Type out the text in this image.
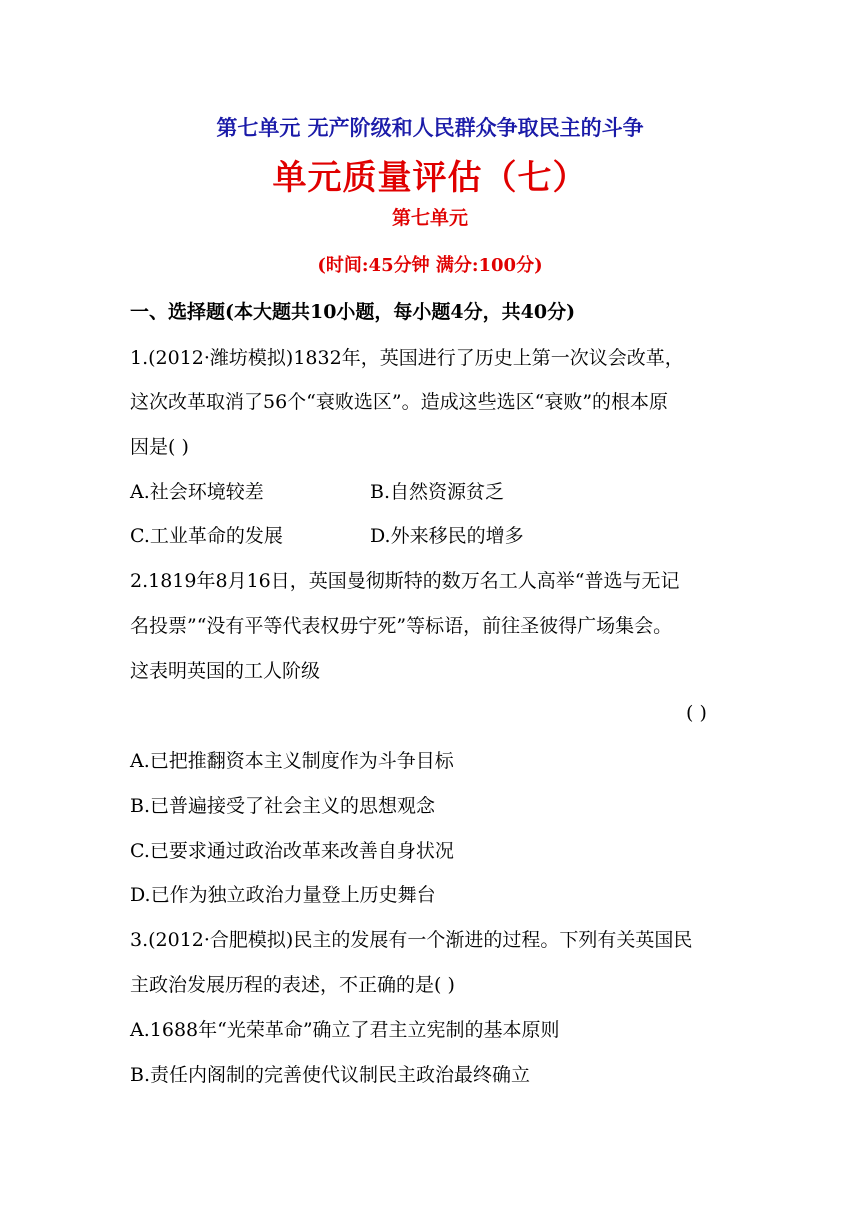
第七单元 无产阶级和人民群众争取民主的斗争
单元质量评估（七）
第七单元
(时间:45分钟 满分:100分)
一、选择题(本大题共10小题，每小题4分，共40分)
1.(2012·潍坊模拟)1832年，英国进行了历史上第一次议会改革，
这次改革取消了56个“衰败选区”。造成这些选区“衰败”的根本原
因是( )
A.社会环境较差	B.自然资源贫乏
C.工业革命的发展	D.外来移民的增多
2.1819年8月16日，英国曼彻斯特的数万名工人高举“普选与无记
名投票”“没有平等代表权毋宁死”等标语，前往圣彼得广场集会。
这表明英国的工人阶级
( )
A.已把推翻资本主义制度作为斗争目标
B.已普遍接受了社会主义的思想观念
C.已要求通过政治改革来改善自身状况
D.已作为独立政治力量登上历史舞台
3.(2012·合肥模拟)民主的发展有一个渐进的过程。下列有关英国民
主政治发展历程的表述，不正确的是( )
A.1688年“光荣革命”确立了君主立宪制的基本原则
B.责任内阁制的完善使代议制民主政治最终确立
